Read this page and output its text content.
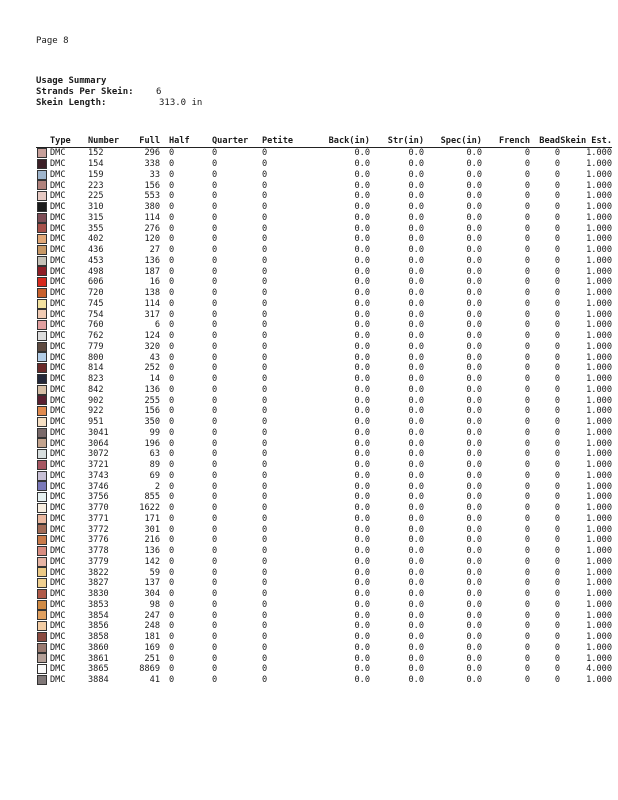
Page 8
Usage Summary
Strands Per Skein: 6
Skein Length:	313.0 in
	Type	Number	Full	Half	Quarter	Petite	Back(in)	Str(in)	Spec(in)	French	Bead	Skein Est.
	DMC	152	296	0	0	0	0.0	0.0	0.0	0	0	1.000
	DMC	154	338	0	0	0	0.0	0.0	0.0	0	0	1.000
	DMC	159	33	0	0	0	0.0	0.0	0.0	0	0	1.000
	DMC	223	156	0	0	0	0.0	0.0	0.0	0	0	1.000
	DMC	225	553	0	0	0	0.0	0.0	0.0	0	0	1.000
	DMC	310	380	0	0	0	0.0	0.0	0.0	0	0	1.000
	DMC	315	114	0	0	0	0.0	0.0	0.0	0	0	1.000
	DMC	355	276	0	0	0	0.0	0.0	0.0	0	0	1.000
	DMC	402	120	0	0	0	0.0	0.0	0.0	0	0	1.000
	DMC	436	27	0	0	0	0.0	0.0	0.0	0	0	1.000
	DMC	453	136	0	0	0	0.0	0.0	0.0	0	0	1.000
	DMC	498	187	0	0	0	0.0	0.0	0.0	0	0	1.000
	DMC	606	16	0	0	0	0.0	0.0	0.0	0	0	1.000
	DMC	720	138	0	0	0	0.0	0.0	0.0	0	0	1.000
	DMC	745	114	0	0	0	0.0	0.0	0.0	0	0	1.000
	DMC	754	317	0	0	0	0.0	0.0	0.0	0	0	1.000
	DMC	760	6	0	0	0	0.0	0.0	0.0	0	0	1.000
	DMC	762	124	0	0	0	0.0	0.0	0.0	0	0	1.000
	DMC	779	320	0	0	0	0.0	0.0	0.0	0	0	1.000
	DMC	800	43	0	0	0	0.0	0.0	0.0	0	0	1.000
	DMC	814	252	0	0	0	0.0	0.0	0.0	0	0	1.000
	DMC	823	14	0	0	0	0.0	0.0	0.0	0	0	1.000
	DMC	842	136	0	0	0	0.0	0.0	0.0	0	0	1.000
	DMC	902	255	0	0	0	0.0	0.0	0.0	0	0	1.000
	DMC	922	156	0	0	0	0.0	0.0	0.0	0	0	1.000
	DMC	951	350	0	0	0	0.0	0.0	0.0	0	0	1.000
	DMC	3041	99	0	0	0	0.0	0.0	0.0	0	0	1.000
	DMC	3064	196	0	0	0	0.0	0.0	0.0	0	0	1.000
	DMC	3072	63	0	0	0	0.0	0.0	0.0	0	0	1.000
	DMC	3721	89	0	0	0	0.0	0.0	0.0	0	0	1.000
	DMC	3743	69	0	0	0	0.0	0.0	0.0	0	0	1.000
	DMC	3746	2	0	0	0	0.0	0.0	0.0	0	0	1.000
	DMC	3756	855	0	0	0	0.0	0.0	0.0	0	0	1.000
	DMC	3770	1622	0	0	0	0.0	0.0	0.0	0	0	1.000
	DMC	3771	171	0	0	0	0.0	0.0	0.0	0	0	1.000
	DMC	3772	301	0	0	0	0.0	0.0	0.0	0	0	1.000
	DMC	3776	216	0	0	0	0.0	0.0	0.0	0	0	1.000
	DMC	3778	136	0	0	0	0.0	0.0	0.0	0	0	1.000
	DMC	3779	142	0	0	0	0.0	0.0	0.0	0	0	1.000
	DMC	3822	59	0	0	0	0.0	0.0	0.0	0	0	1.000
	DMC	3827	137	0	0	0	0.0	0.0	0.0	0	0	1.000
	DMC	3830	304	0	0	0	0.0	0.0	0.0	0	0	1.000
	DMC	3853	98	0	0	0	0.0	0.0	0.0	0	0	1.000
	DMC	3854	247	0	0	0	0.0	0.0	0.0	0	0	1.000
	DMC	3856	248	0	0	0	0.0	0.0	0.0	0	0	1.000
	DMC	3858	181	0	0	0	0.0	0.0	0.0	0	0	1.000
	DMC	3860	169	0	0	0	0.0	0.0	0.0	0	0	1.000
	DMC	3861	251	0	0	0	0.0	0.0	0.0	0	0	1.000
	DMC	3865	8869	0	0	0	0.0	0.0	0.0	0	0	4.000
	DMC	3884	41	0	0	0	0.0	0.0	0.0	0	0	1.000
